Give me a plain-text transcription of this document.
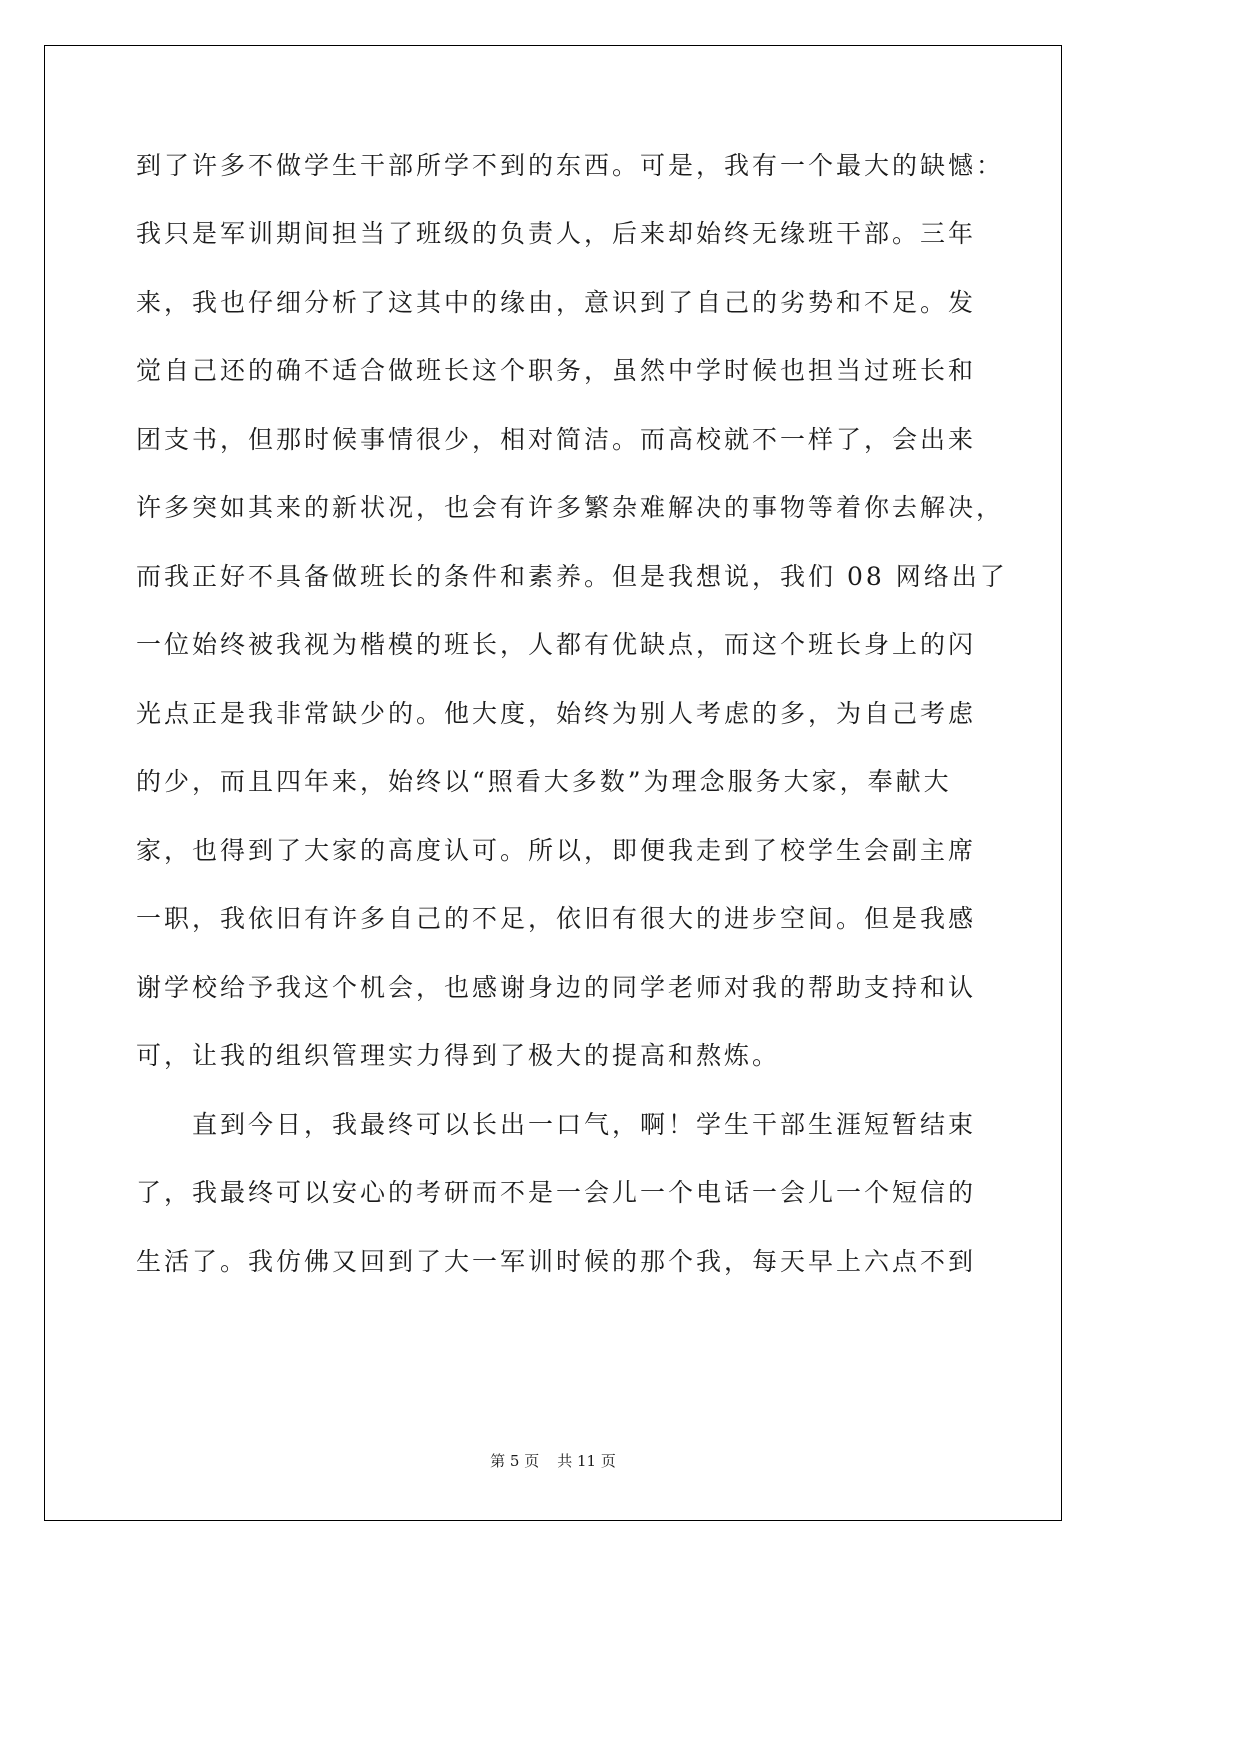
到了许多不做学生干部所学不到的东西。可是，我有一个最大的缺憾：
我只是军训期间担当了班级的负责人，后来却始终无缘班干部。三年
来，我也仔细分析了这其中的缘由，意识到了自己的劣势和不足。发
觉自己还的确不适合做班长这个职务，虽然中学时候也担当过班长和
团支书，但那时候事情很少，相对简洁。而高校就不一样了，会出来
许多突如其来的新状况，也会有许多繁杂难解决的事物等着你去解决，
而我正好不具备做班长的条件和素养。但是我想说，我们 08 网络出了
一位始终被我视为楷模的班长，人都有优缺点，而这个班长身上的闪
光点正是我非常缺少的。他大度，始终为别人考虑的多，为自己考虑
的少，而且四年来，始终以“照看大多数”为理念服务大家，奉献大
家，也得到了大家的高度认可。所以，即便我走到了校学生会副主席
一职，我依旧有许多自己的不足，依旧有很大的进步空间。但是我感
谢学校给予我这个机会，也感谢身边的同学老师对我的帮助支持和认
可，让我的组织管理实力得到了极大的提高和熬炼。
直到今日，我最终可以长出一口气，啊！学生干部生涯短暂结束
了，我最终可以安心的考研而不是一会儿一个电话一会儿一个短信的
生活了。我仿佛又回到了大一军训时候的那个我，每天早上六点不到
第 5 页 共 11 页
